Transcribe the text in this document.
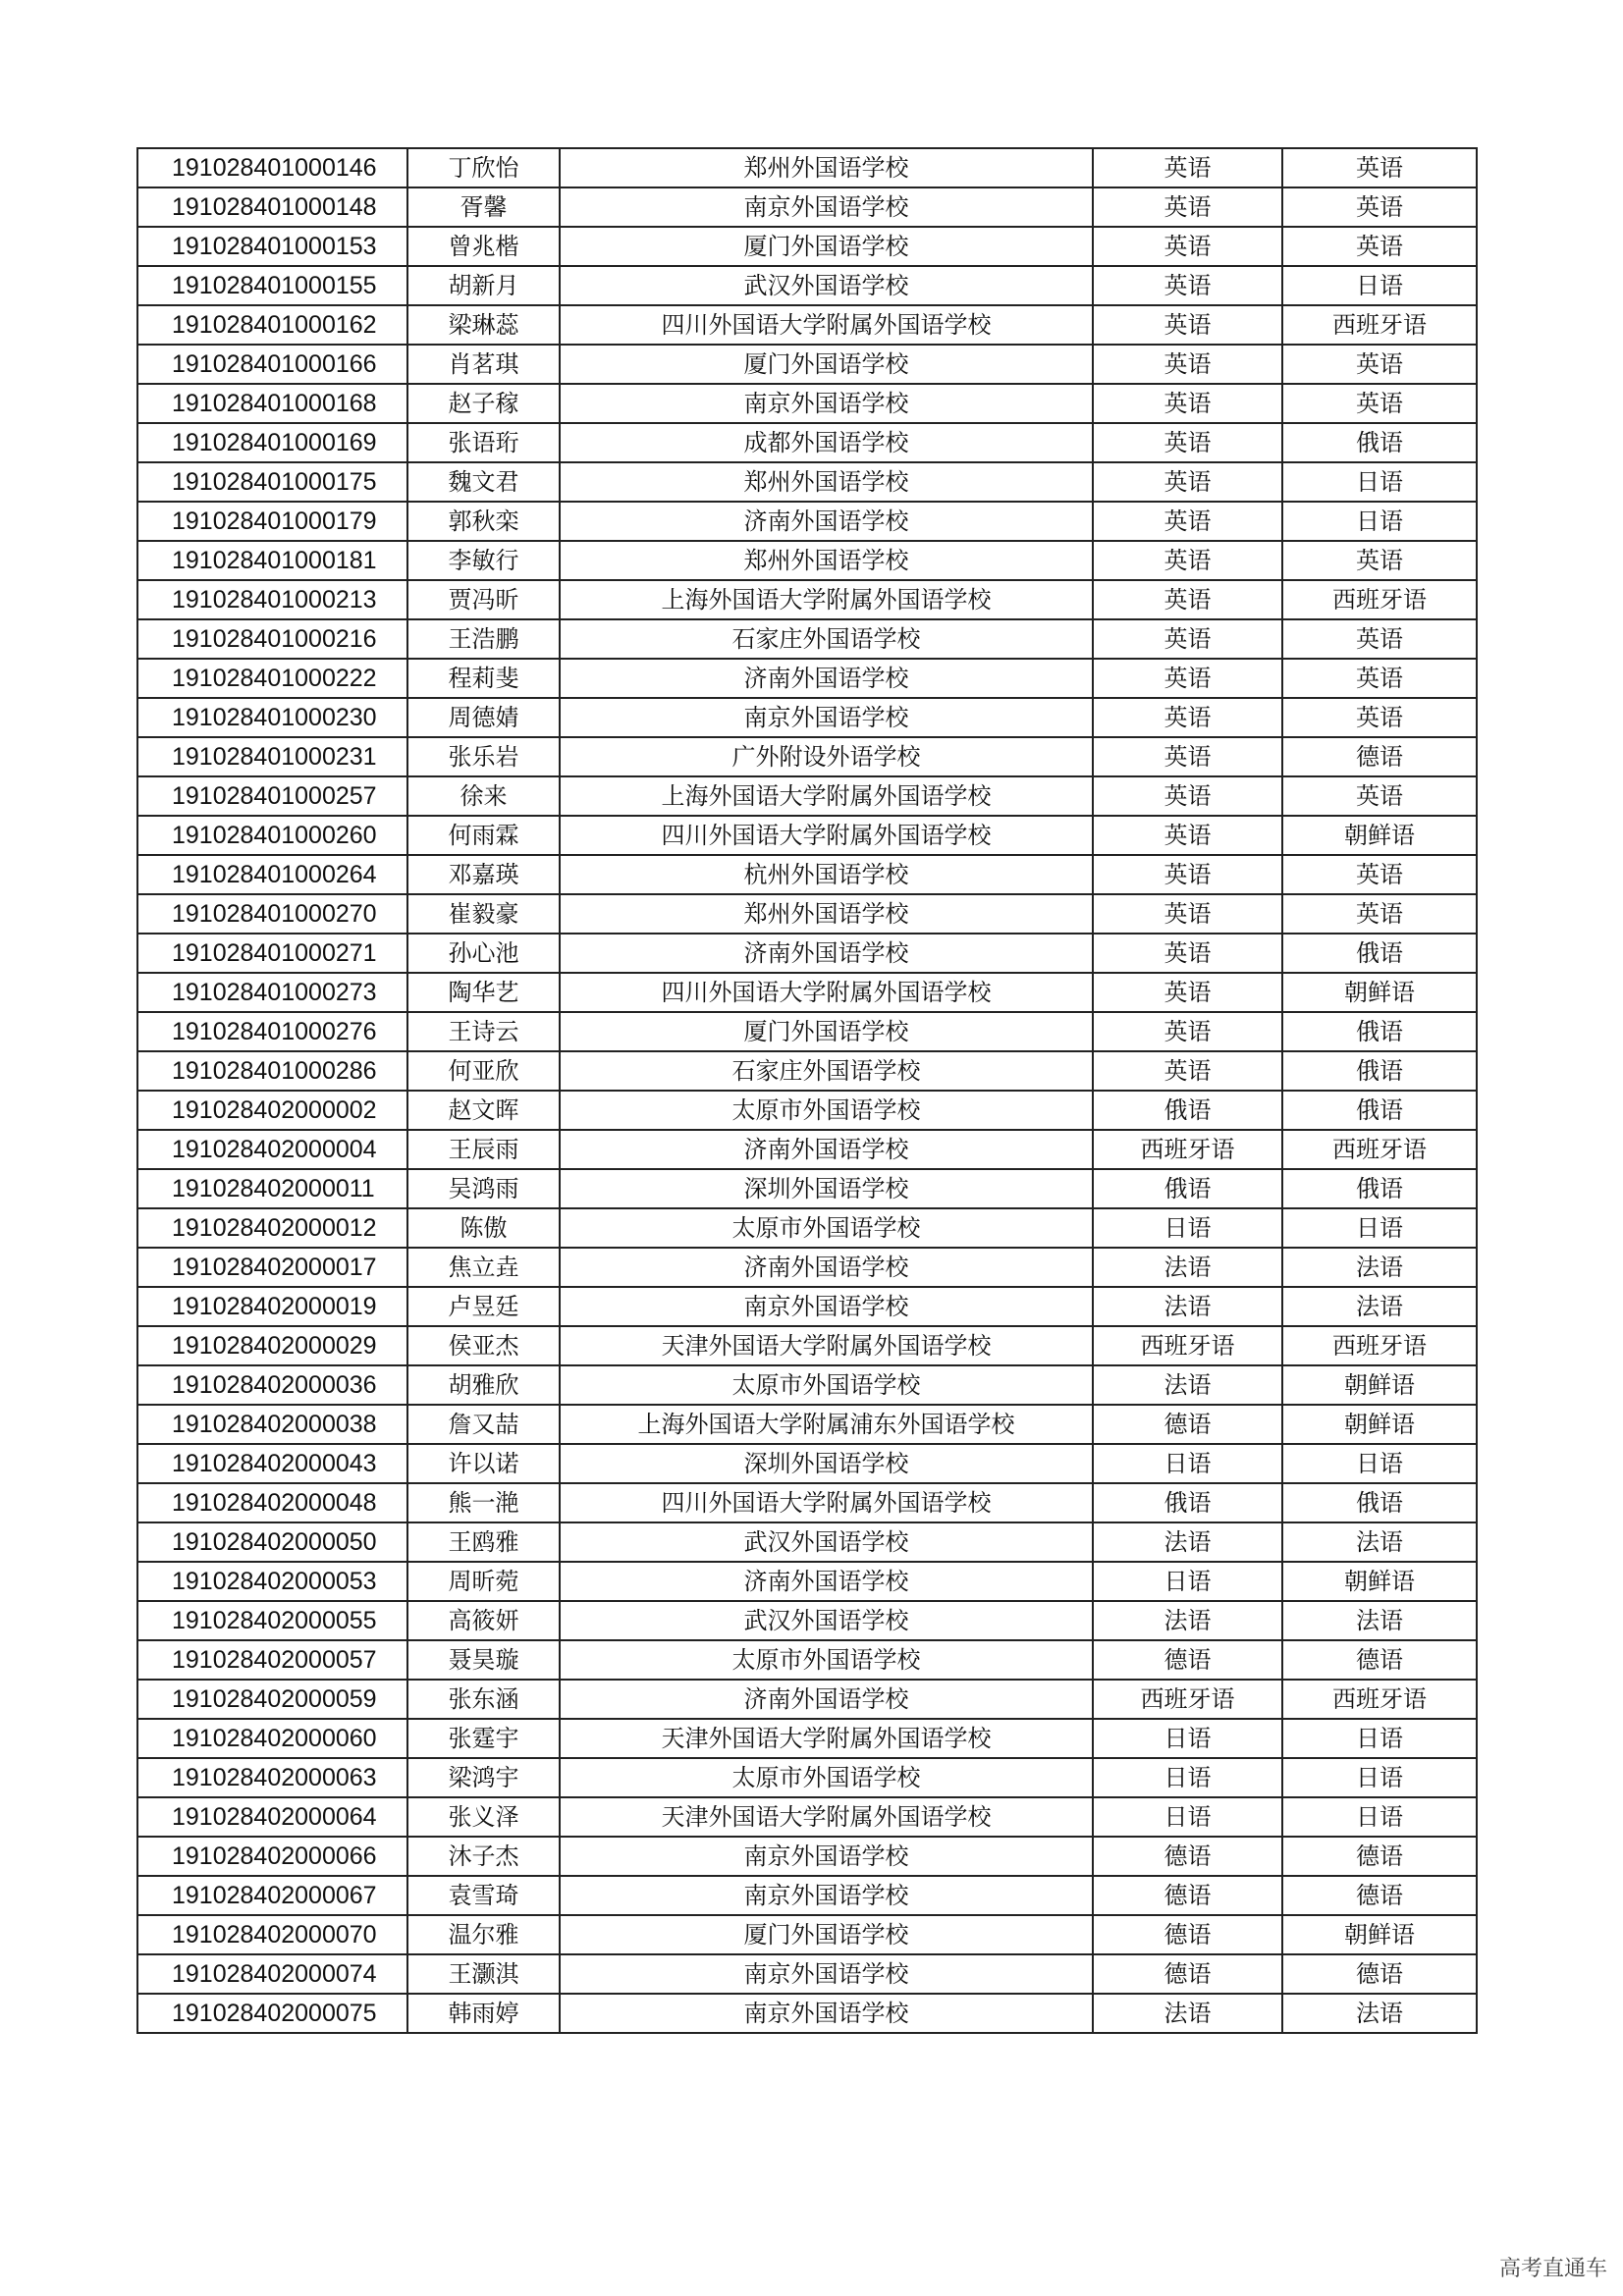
191028401000146	丁欣怡	郑州外国语学校	英语	英语
191028401000148	胥馨	南京外国语学校	英语	英语
191028401000153	曾兆楷	厦门外国语学校	英语	英语
191028401000155	胡新月	武汉外国语学校	英语	日语
191028401000162	梁琳蕊	四川外国语大学附属外国语学校	英语	西班牙语
191028401000166	肖茗琪	厦门外国语学校	英语	英语
191028401000168	赵子稼	南京外国语学校	英语	英语
191028401000169	张语珩	成都外国语学校	英语	俄语
191028401000175	魏文君	郑州外国语学校	英语	日语
191028401000179	郭秋栾	济南外国语学校	英语	日语
191028401000181	李敏行	郑州外国语学校	英语	英语
191028401000213	贾冯昕	上海外国语大学附属外国语学校	英语	西班牙语
191028401000216	王浩鹏	石家庄外国语学校	英语	英语
191028401000222	程莉斐	济南外国语学校	英语	英语
191028401000230	周德婧	南京外国语学校	英语	英语
191028401000231	张乐岩	广外附设外语学校	英语	德语
191028401000257	徐来	上海外国语大学附属外国语学校	英语	英语
191028401000260	何雨霖	四川外国语大学附属外国语学校	英语	朝鲜语
191028401000264	邓嘉瑛	杭州外国语学校	英语	英语
191028401000270	崔毅豪	郑州外国语学校	英语	英语
191028401000271	孙心池	济南外国语学校	英语	俄语
191028401000273	陶华艺	四川外国语大学附属外国语学校	英语	朝鲜语
191028401000276	王诗云	厦门外国语学校	英语	俄语
191028401000286	何亚欣	石家庄外国语学校	英语	俄语
191028402000002	赵文晖	太原市外国语学校	俄语	俄语
191028402000004	王辰雨	济南外国语学校	西班牙语	西班牙语
191028402000011	吴鸿雨	深圳外国语学校	俄语	俄语
191028402000012	陈傲	太原市外国语学校	日语	日语
191028402000017	焦立垚	济南外国语学校	法语	法语
191028402000019	卢昱廷	南京外国语学校	法语	法语
191028402000029	侯亚杰	天津外国语大学附属外国语学校	西班牙语	西班牙语
191028402000036	胡雅欣	太原市外国语学校	法语	朝鲜语
191028402000038	詹又喆	上海外国语大学附属浦东外国语学校	德语	朝鲜语
191028402000043	许以诺	深圳外国语学校	日语	日语
191028402000048	熊一滟	四川外国语大学附属外国语学校	俄语	俄语
191028402000050	王鸥雅	武汉外国语学校	法语	法语
191028402000053	周昕菀	济南外国语学校	日语	朝鲜语
191028402000055	高筱妍	武汉外国语学校	法语	法语
191028402000057	聂昊璇	太原市外国语学校	德语	德语
191028402000059	张东涵	济南外国语学校	西班牙语	西班牙语
191028402000060	张霆宇	天津外国语大学附属外国语学校	日语	日语
191028402000063	梁鸿宇	太原市外国语学校	日语	日语
191028402000064	张义泽	天津外国语大学附属外国语学校	日语	日语
191028402000066	沐子杰	南京外国语学校	德语	德语
191028402000067	袁雪琦	南京外国语学校	德语	德语
191028402000070	温尔雅	厦门外国语学校	德语	朝鲜语
191028402000074	王灏淇	南京外国语学校	德语	德语
191028402000075	韩雨婷	南京外国语学校	法语	法语
高考直通车
